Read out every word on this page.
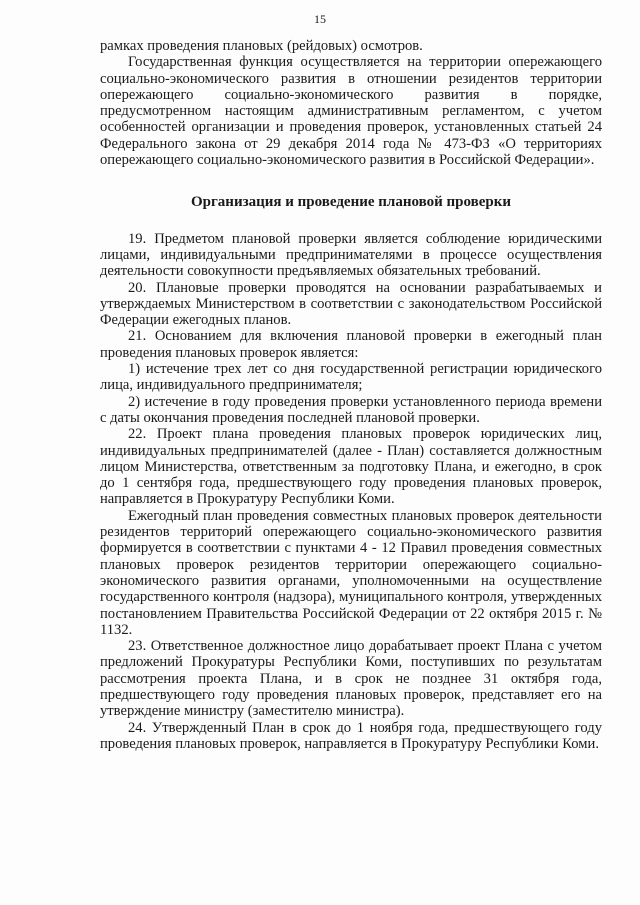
15

рамках проведения плановых (рейдовых) осмотров.

Государственная функция осуществляется на территории опережающего социально-экономического развития в отношении резидентов территории опережающего социально-экономического развития в порядке, предусмотренном настоящим административным регламентом, с учетом особенностей организации и проведения проверок, установленных статьей 24 Федерального закона от 29 декабря 2014 года № 473-ФЗ «О территориях опережающего социально-экономического развития в Российской Федерации».

Организация и проведение плановой проверки

19. Предметом плановой проверки является соблюдение юридическими лицами, индивидуальными предпринимателями в процессе осуществления деятельности совокупности предъявляемых обязательных требований.

20. Плановые проверки проводятся на основании разрабатываемых и утверждаемых Министерством в соответствии с законодательством Российской Федерации ежегодных планов.

21. Основанием для включения плановой проверки в ежегодный план проведения плановых проверок является:

1) истечение трех лет со дня государственной регистрации юридического лица, индивидуального предпринимателя;

2) истечение в году проведения проверки установленного периода времени с даты окончания проведения последней плановой проверки.

22. Проект плана проведения плановых проверок юридических лиц, индивидуальных предпринимателей (далее - План) составляется должностным лицом Министерства, ответственным за подготовку Плана, и ежегодно, в срок до 1 сентября года, предшествующего году проведения плановых проверок, направляется в Прокуратуру Республики Коми.

Ежегодный план проведения совместных плановых проверок деятельности резидентов территорий опережающего социально-экономического развития формируется в соответствии с пунктами 4 - 12 Правил проведения совместных плановых проверок резидентов территории опережающего социально-экономического развития органами, уполномоченными на осуществление государственного контроля (надзора), муниципального контроля, утвержденных постановлением Правительства Российской Федерации от 22 октября 2015 г. № 1132.

23. Ответственное должностное лицо дорабатывает проект Плана с учетом предложений Прокуратуры Республики Коми, поступивших по результатам рассмотрения проекта Плана, и в срок не позднее 31 октября года, предшествующего году проведения плановых проверок, представляет его на утверждение министру (заместителю министра).

24. Утвержденный План в срок до 1 ноября года, предшествующего году проведения плановых проверок, направляется в Прокуратуру Республики Коми.
